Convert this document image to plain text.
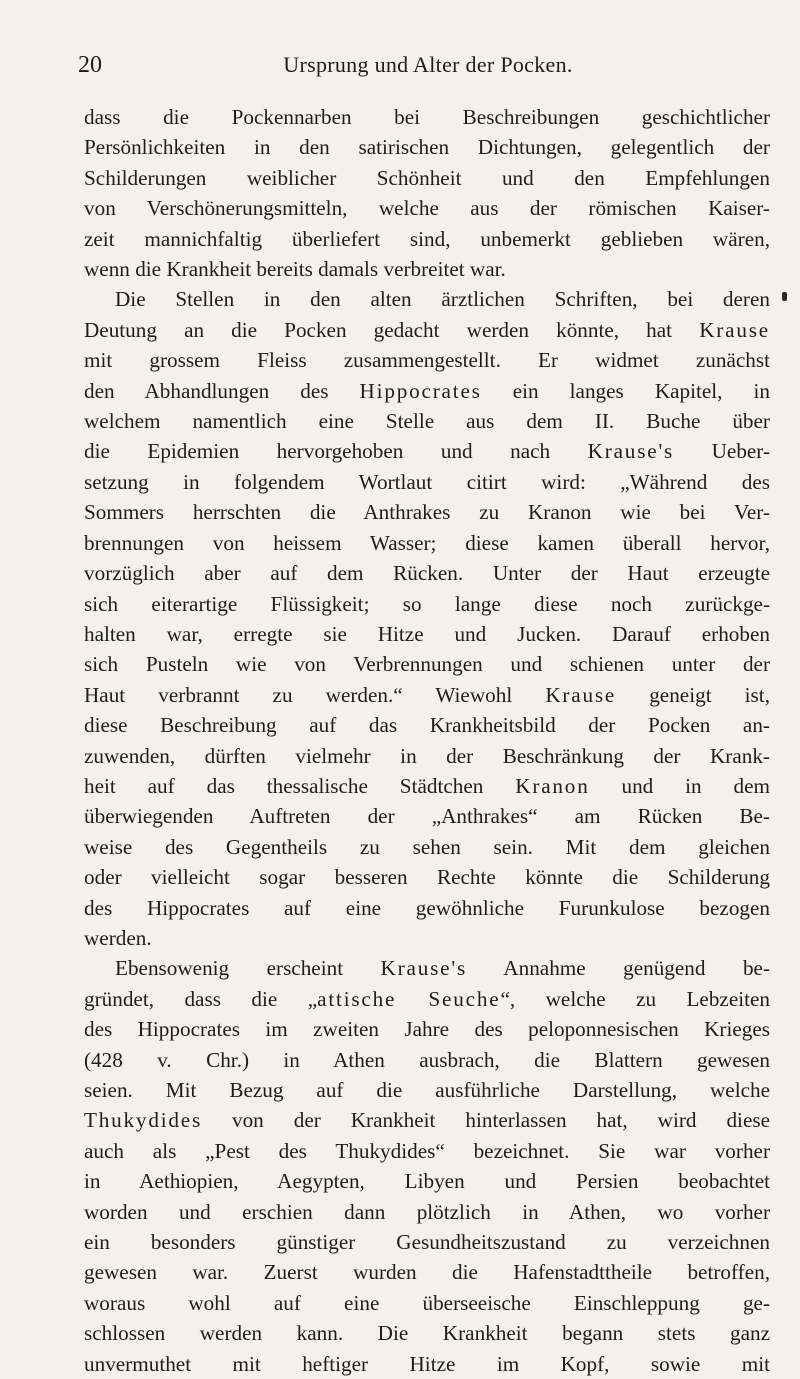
20	Ursprung und Alter der Pocken.
dass die Pockennarben bei Beschreibungen geschichtlicher
Persönlichkeiten in den satirischen Dichtungen, gelegentlich der
Schilderungen weiblicher Schönheit und den Empfehlungen
von Verschönerungsmitteln, welche aus der römischen Kaiser-
zeit mannichfaltig überliefert sind, unbemerkt geblieben wären,
wenn die Krankheit bereits damals verbreitet war.
Die Stellen in den alten ärztlichen Schriften, bei deren
Deutung an die Pocken gedacht werden könnte, hat Krause
mit grossem Fleiss zusammengestellt. Er widmet zunächst
den Abhandlungen des Hippocrates ein langes Kapitel, in
welchem namentlich eine Stelle aus dem II. Buche über
die Epidemien hervorgehoben und nach Krause's Ueber-
setzung in folgendem Wortlaut citirt wird: „Während des
Sommers herrschten die Anthrakes zu Kranon wie bei Ver-
brennungen von heissem Wasser; diese kamen überall hervor,
vorzüglich aber auf dem Rücken. Unter der Haut erzeugte
sich eiterartige Flüssigkeit; so lange diese noch zurückge-
halten war, erregte sie Hitze und Jucken. Darauf erhoben
sich Pusteln wie von Verbrennungen und schienen unter der
Haut verbrannt zu werden.“ Wiewohl Krause geneigt ist,
diese Beschreibung auf das Krankheitsbild der Pocken an-
zuwenden, dürften vielmehr in der Beschränkung der Krank-
heit auf das thessalische Städtchen Kranon und in dem
überwiegenden Auftreten der „Anthrakes“ am Rücken Be-
weise des Gegentheils zu sehen sein. Mit dem gleichen
oder vielleicht sogar besseren Rechte könnte die Schilderung
des Hippocrates auf eine gewöhnliche Furunkulose bezogen
werden.
Ebensowenig erscheint Krause's Annahme genügend be-
gründet, dass die „attische Seuche“, welche zu Lebzeiten
des Hippocrates im zweiten Jahre des peloponnesischen Krieges
(428 v. Chr.) in Athen ausbrach, die Blattern gewesen
seien. Mit Bezug auf die ausführliche Darstellung, welche
Thukydides von der Krankheit hinterlassen hat, wird diese
auch als „Pest des Thukydides“ bezeichnet. Sie war vorher
in Aethiopien, Aegypten, Libyen und Persien beobachtet
worden und erschien dann plötzlich in Athen, wo vorher
ein besonders günstiger Gesundheitszustand zu verzeichnen
gewesen war. Zuerst wurden die Hafenstadttheile betroffen,
woraus wohl auf eine überseeische Einschleppung ge-
schlossen werden kann. Die Krankheit begann stets ganz
unvermuthet mit heftiger Hitze im Kopf, sowie mit
